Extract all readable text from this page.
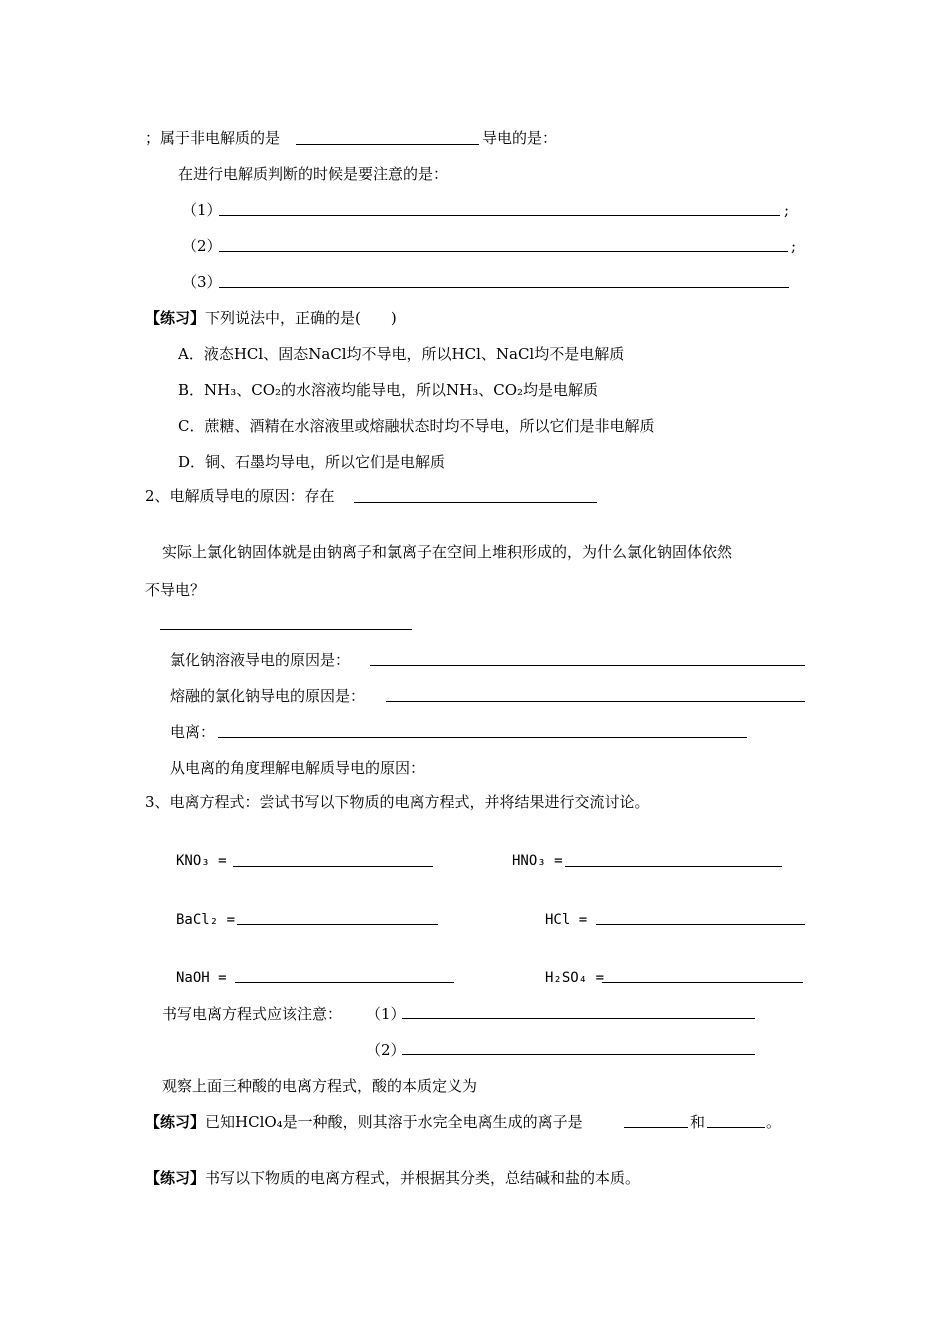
；属于非电解质的是	导电的是：
在进行电解质判断的时候是要注意的是：
（1）	;
（2）	;
（3）
【练习】下列说法中，正确的是(　　)
A．液态HCl、固态NaCl均不导电，所以HCl、NaCl均不是电解质
B．NH₃、CO₂的水溶液均能导电，所以NH₃、CO₂均是电解质
C．蔗糖、酒精在水溶液里或熔融状态时均不导电，所以它们是非电解质
D．铜、石墨均导电，所以它们是电解质
2、电解质导电的原因：存在
实际上氯化钠固体就是由钠离子和氯离子在空间上堆积形成的，为什么氯化钠固体依然
不导电？
氯化钠溶液导电的原因是：
熔融的氯化钠导电的原因是：
电离：
从电离的角度理解电解质导电的原因：
3、电离方程式：尝试书写以下物质的电离方程式，并将结果进行交流讨论。
KNO₃ =	HNO₃ =
BaCl₂ =	HCl =
NaOH =	H₂SO₄ =
书写电离方程式应该注意： （1）
（2）
观察上面三种酸的电离方程式，酸的本质定义为
【练习】已知HClO₄是一种酸，则其溶于水完全电离生成的离子是	和	。
【练习】书写以下物质的电离方程式，并根据其分类，总结碱和盐的本质。
